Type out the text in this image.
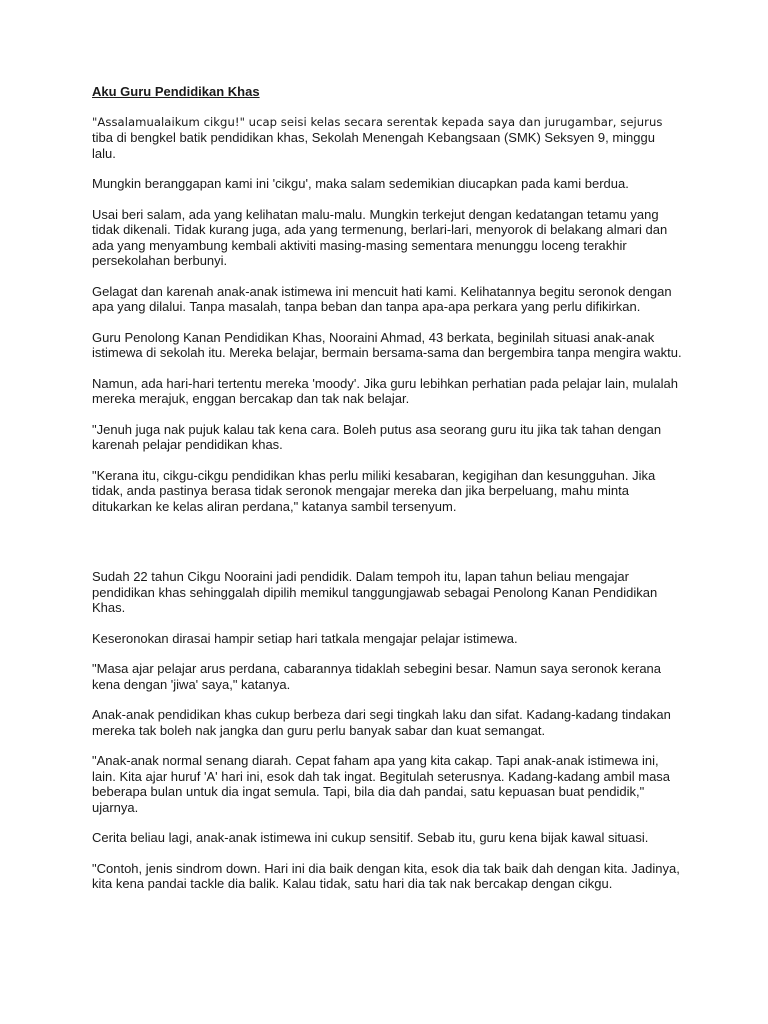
Aku Guru Pendidikan Khas

"Assalamualaikum cikgu!" ucap seisi kelas secara serentak kepada saya dan jurugambar, sejurus tiba di bengkel batik pendidikan khas, Sekolah Menengah Kebangsaan (SMK) Seksyen 9, minggu lalu.

Mungkin beranggapan kami ini 'cikgu', maka salam sedemikian diucapkan pada kami berdua.

Usai beri salam, ada yang kelihatan malu-malu. Mungkin terkejut dengan kedatangan tetamu yang tidak dikenali. Tidak kurang juga, ada yang termenung, berlari-lari, menyorok di belakang almari dan ada yang menyambung kembali aktiviti masing-masing sementara menunggu loceng terakhir persekolahan berbunyi.

Gelagat dan karenah anak-anak istimewa ini mencuit hati kami. Kelihatannya begitu seronok dengan apa yang dilalui. Tanpa masalah, tanpa beban dan tanpa apa-apa perkara yang perlu difikirkan.

Guru Penolong Kanan Pendidikan Khas, Nooraini Ahmad, 43 berkata, beginilah situasi anak-anak istimewa di sekolah itu. Mereka belajar, bermain bersama-sama dan bergembira tanpa mengira waktu.

Namun, ada hari-hari tertentu mereka 'moody'. Jika guru lebihkan perhatian pada pelajar lain, mulalah mereka merajuk, enggan bercakap dan tak nak belajar.

"Jenuh juga nak pujuk kalau tak kena cara. Boleh putus asa seorang guru itu jika tak tahan dengan karenah pelajar pendidikan khas.

"Kerana itu, cikgu-cikgu pendidikan khas perlu miliki kesabaran, kegigihan dan kesungguhan. Jika tidak, anda pastinya berasa tidak seronok mengajar mereka dan jika berpeluang, mahu minta ditukarkan ke kelas aliran perdana," katanya sambil tersenyum.

Sudah 22 tahun Cikgu Nooraini jadi pendidik. Dalam tempoh itu, lapan tahun beliau mengajar pendidikan khas sehinggalah dipilih memikul tanggungjawab sebagai Penolong Kanan Pendidikan Khas.

Keseronokan dirasai hampir setiap hari tatkala mengajar pelajar istimewa.

"Masa ajar pelajar arus perdana, cabarannya tidaklah sebegini besar. Namun saya seronok kerana kena dengan 'jiwa' saya," katanya.

Anak-anak pendidikan khas cukup berbeza dari segi tingkah laku dan sifat. Kadang-kadang tindakan mereka tak boleh nak jangka dan guru perlu banyak sabar dan kuat semangat.

"Anak-anak normal senang diarah. Cepat faham apa yang kita cakap. Tapi anak-anak istimewa ini, lain. Kita ajar huruf 'A' hari ini, esok dah tak ingat. Begitulah seterusnya. Kadang-kadang ambil masa beberapa bulan untuk dia ingat semula. Tapi, bila dia dah pandai, satu kepuasan buat pendidik," ujarnya.

Cerita beliau lagi, anak-anak istimewa ini cukup sensitif. Sebab itu, guru kena bijak kawal situasi.

"Contoh, jenis sindrom down. Hari ini dia baik dengan kita, esok dia tak baik dah dengan kita. Jadinya, kita kena pandai tackle dia balik. Kalau tidak, satu hari dia tak nak bercakap dengan cikgu.
